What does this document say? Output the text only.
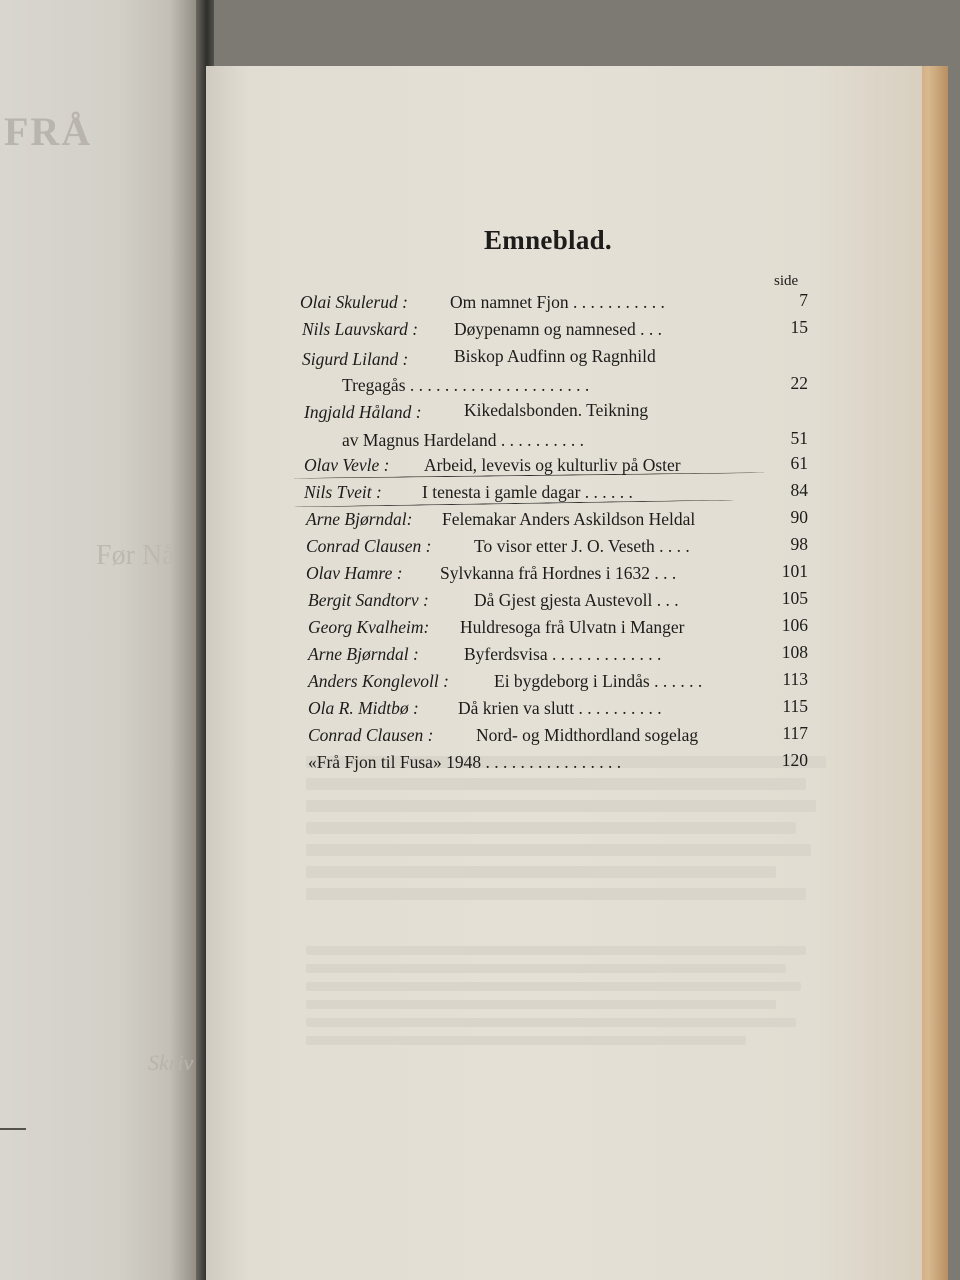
FRÅ
Før Nå
Skriv
Emneblad.
side
Olai Skulerud : Om namnet Fjon . . . . . . . . . . .	7
Nils Lauvskard : Døypenamn og namnesed . . .	15
Sigurd Liland :	Biskop Audfinn og Ragnhild
Tregagås . . . . . . . . . . . . . . . . . . . . .	22
Ingjald Håland : Kikedalsbonden. Teikning
av Magnus Hardeland . . . . . . . . . .	51
Olav Vevle : Arbeid, levevis og kulturliv på Oster	61
Nils Tveit : I tenesta i gamle dagar . . . . . .	84
Arne Bjørndal: Felemakar Anders Askildson Heldal	90
Conrad Clausen : To visor etter J. O. Veseth . . . .	98
Olav Hamre : Sylvkanna frå Hordnes i 1632 . . .	101
Bergit Sandtorv :	Då Gjest gjesta Austevoll . . .	105
Georg Kvalheim: Huldresoga frå Ulvatn i Manger	106
Arne Bjørndal :	Byferdsvisa . . . . . . . . . . . . .	108
Anders Konglevoll :	Ei bygdeborg i Lindås . . . . . .	113
Ola R. Midtbø : Då krien va slutt . . . . . . . . . .	115
Conrad Clausen : Nord- og Midthordland sogelag	117
«Frå Fjon til Fusa» 1948 . . . . . . . . . . . . . . . .	120
